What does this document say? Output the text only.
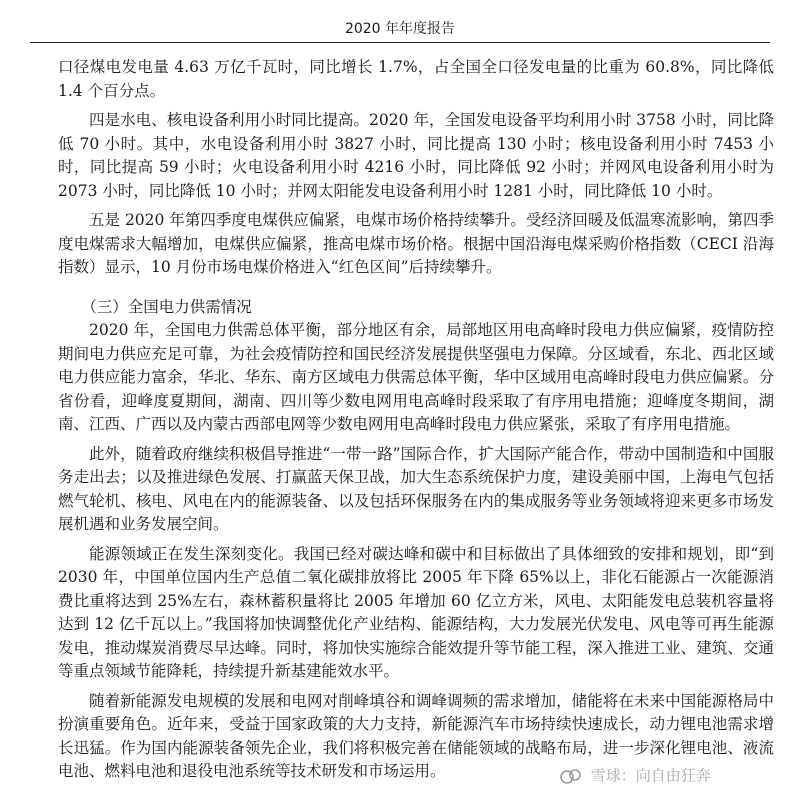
2020 年年度报告

口径煤电发电量 4.63 万亿千瓦时，同比增长 1.7%，占全国全口径发电量的比重为 60.8%，同比降低 1.4 个百分点。

四是水电、核电设备利用小时同比提高。2020 年，全国发电设备平均利用小时 3758 小时，同比降低 70 小时。其中，水电设备利用小时 3827 小时，同比提高 130 小时；核电设备利用小时 7453 小时，同比提高 59 小时；火电设备利用小时 4216 小时，同比降低 92 小时；并网风电设备利用小时为 2073 小时，同比降低 10 小时；并网太阳能发电设备利用小时 1281 小时，同比降低 10 小时。

五是 2020 年第四季度电煤供应偏紧，电煤市场价格持续攀升。受经济回暖及低温寒流影响，第四季度电煤需求大幅增加，电煤供应偏紧，推高电煤市场价格。根据中国沿海电煤采购价格指数（CECI 沿海指数）显示，10 月份市场电煤价格进入“红色区间”后持续攀升。

（三）全国电力供需情况

2020 年，全国电力供需总体平衡，部分地区有余，局部地区用电高峰时段电力供应偏紧，疫情防控期间电力供应充足可靠，为社会疫情防控和国民经济发展提供坚强电力保障。分区域看，东北、西北区域电力供应能力富余，华北、华东、南方区域电力供需总体平衡，华中区域用电高峰时段电力供应偏紧。分省份看，迎峰度夏期间，湖南、四川等少数电网用电高峰时段采取了有序用电措施；迎峰度冬期间，湖南、江西、广西以及内蒙古西部电网等少数电网用电高峰时段电力供应紧张，采取了有序用电措施。

此外，随着政府继续积极倡导推进“一带一路”国际合作，扩大国际产能合作，带动中国制造和中国服务走出去；以及推进绿色发展、打赢蓝天保卫战，加大生态系统保护力度，建设美丽中国，上海电气包括燃气轮机、核电、风电在内的能源装备、以及包括环保服务在内的集成服务等业务领域将迎来更多市场发展机遇和业务发展空间。

能源领域正在发生深刻变化。我国已经对碳达峰和碳中和目标做出了具体细致的安排和规划，即“到 2030 年，中国单位国内生产总值二氧化碳排放将比 2005 年下降 65%以上，非化石能源占一次能源消费比重将达到 25%左右，森林蓄积量将比 2005 年增加 60 亿立方米，风电、太阳能发电总装机容量将达到 12 亿千瓦以上。”我国将加快调整优化产业结构、能源结构，大力发展光伏发电、风电等可再生能源发电，推动煤炭消费尽早达峰。同时，将加快实施综合能效提升等节能工程，深入推进工业、建筑、交通等重点领域节能降耗，持续提升新基建能效水平。

随着新能源发电规模的发展和电网对削峰填谷和调峰调频的需求增加，储能将在未来中国能源格局中扮演重要角色。近年来，受益于国家政策的大力支持，新能源汽车市场持续快速成长，动力锂电池需求增长迅猛。作为国内能源装备领先企业，我们将积极完善在储能领域的战略布局，进一步深化锂电池、液流电池、燃料电池和退役电池系统等技术研发和市场运用。	雪球：向自由狂奔
